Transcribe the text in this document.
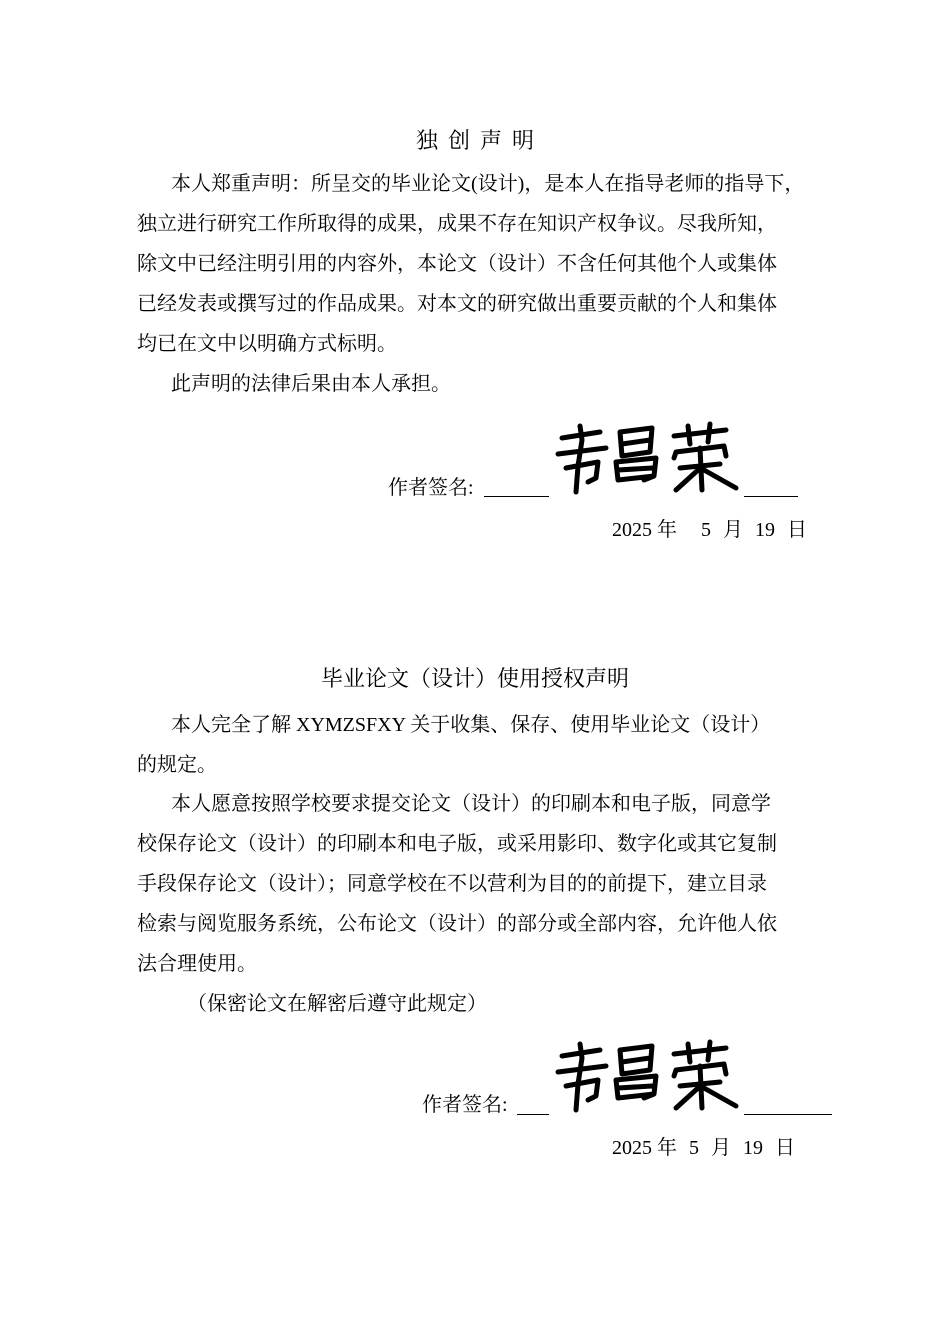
独创声明
本人郑重声明：所呈交的毕业论文(设计)，是本人在指导老师的指导下，
独立进行研究工作所取得的成果，成果不存在知识产权争议。尽我所知，
除文中已经注明引用的内容外，本论文（设计）不含任何其他个人或集体
已经发表或撰写过的作品成果。对本文的研究做出重要贡献的个人和集体
均已在文中以明确方式标明。
此声明的法律后果由本人承担。
作者签名:
2025 年 5 月 19 日
毕业论文（设计）使用授权声明
本人完全了解 XYMZSFXY 关于收集、保存、使用毕业论文（设计）
的规定。
本人愿意按照学校要求提交论文（设计）的印刷本和电子版，同意学
校保存论文（设计）的印刷本和电子版，或采用影印、数字化或其它复制
手段保存论文（设计）；同意学校在不以营利为目的的前提下，建立目录
检索与阅览服务系统，公布论文（设计）的部分或全部内容，允许他人依
法合理使用。
（保密论文在解密后遵守此规定）
作者签名:
2025 年 5 月 19 日
